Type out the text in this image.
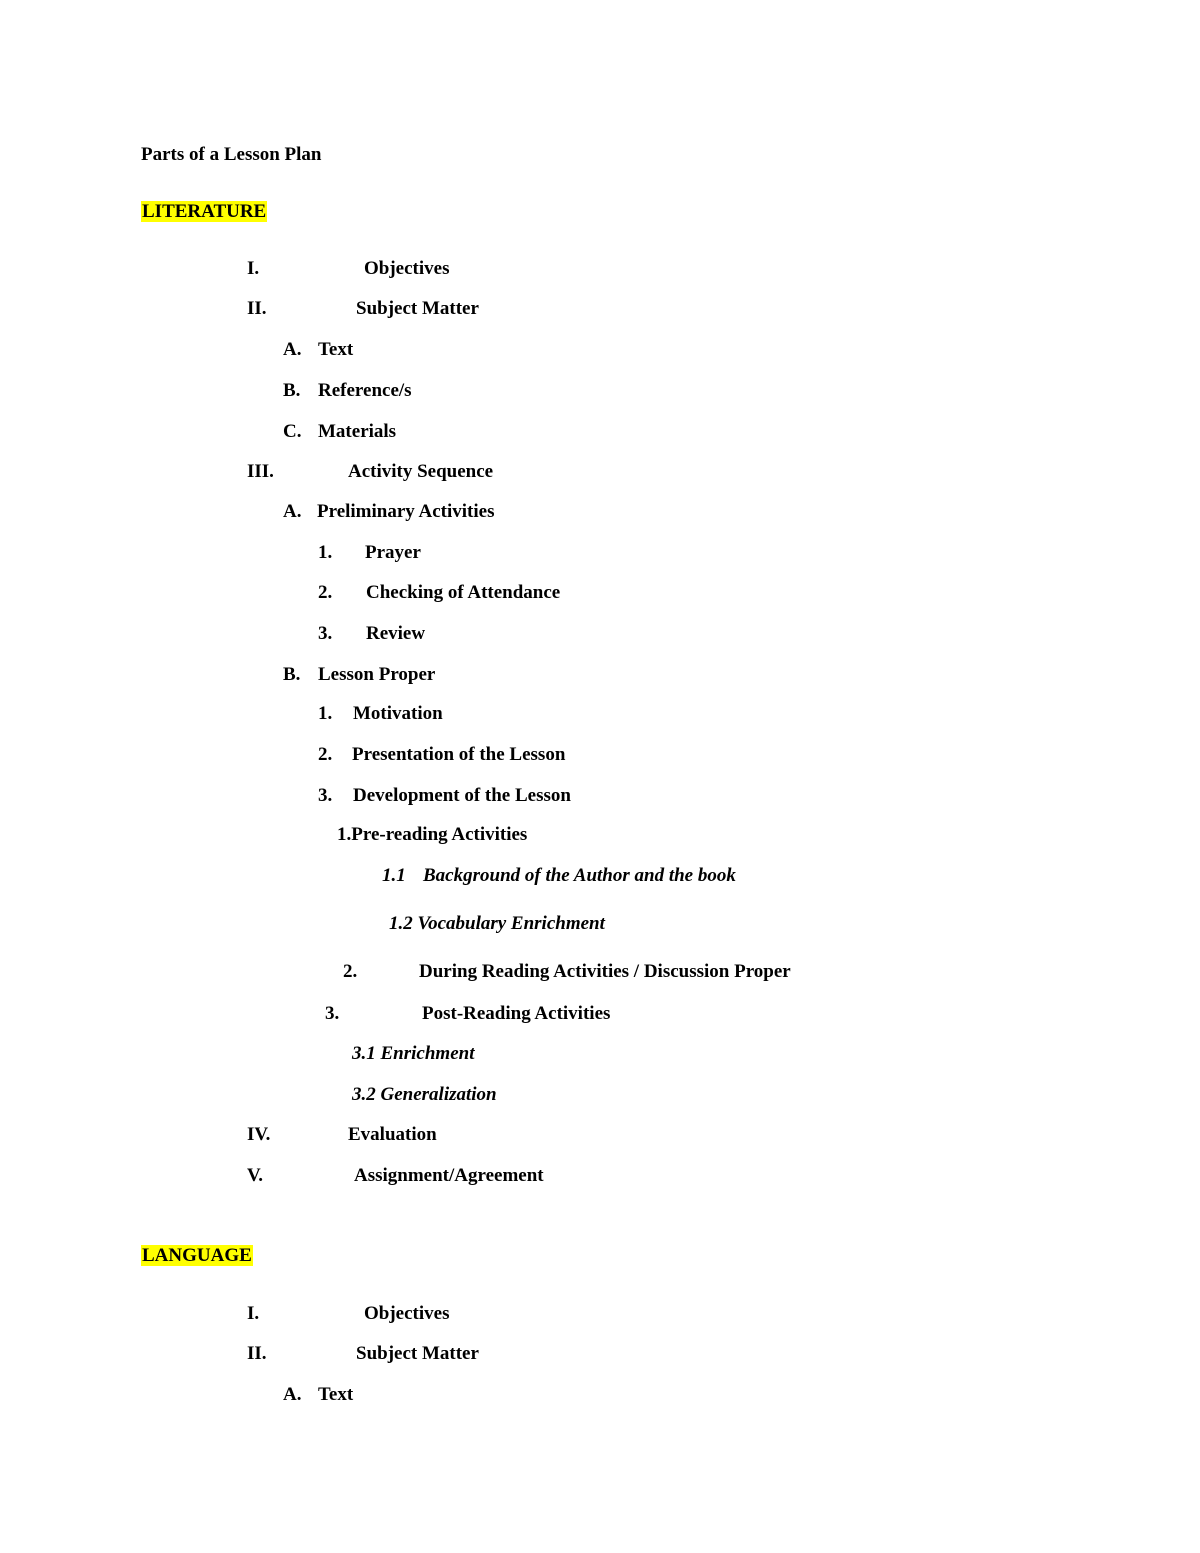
Parts of a Lesson Plan
LITERATURE
I.	Objectives
II.	Subject Matter
A. Text
B. Reference/s
C. Materials
III.	Activity Sequence
A. Preliminary Activities
1. Prayer
2. Checking of Attendance
3. Review
B. Lesson Proper
1. Motivation
2. Presentation of the Lesson
3. Development of the Lesson
1.Pre-reading Activities
1.1 Background of the Author and the book
1.2 Vocabulary Enrichment
2.	During Reading Activities / Discussion Proper
3.	Post-Reading Activities
3.1 Enrichment
3.2 Generalization
IV.	Evaluation
V.	Assignment/Agreement
LANGUAGE
I.	Objectives
II.	Subject Matter
A. Text
